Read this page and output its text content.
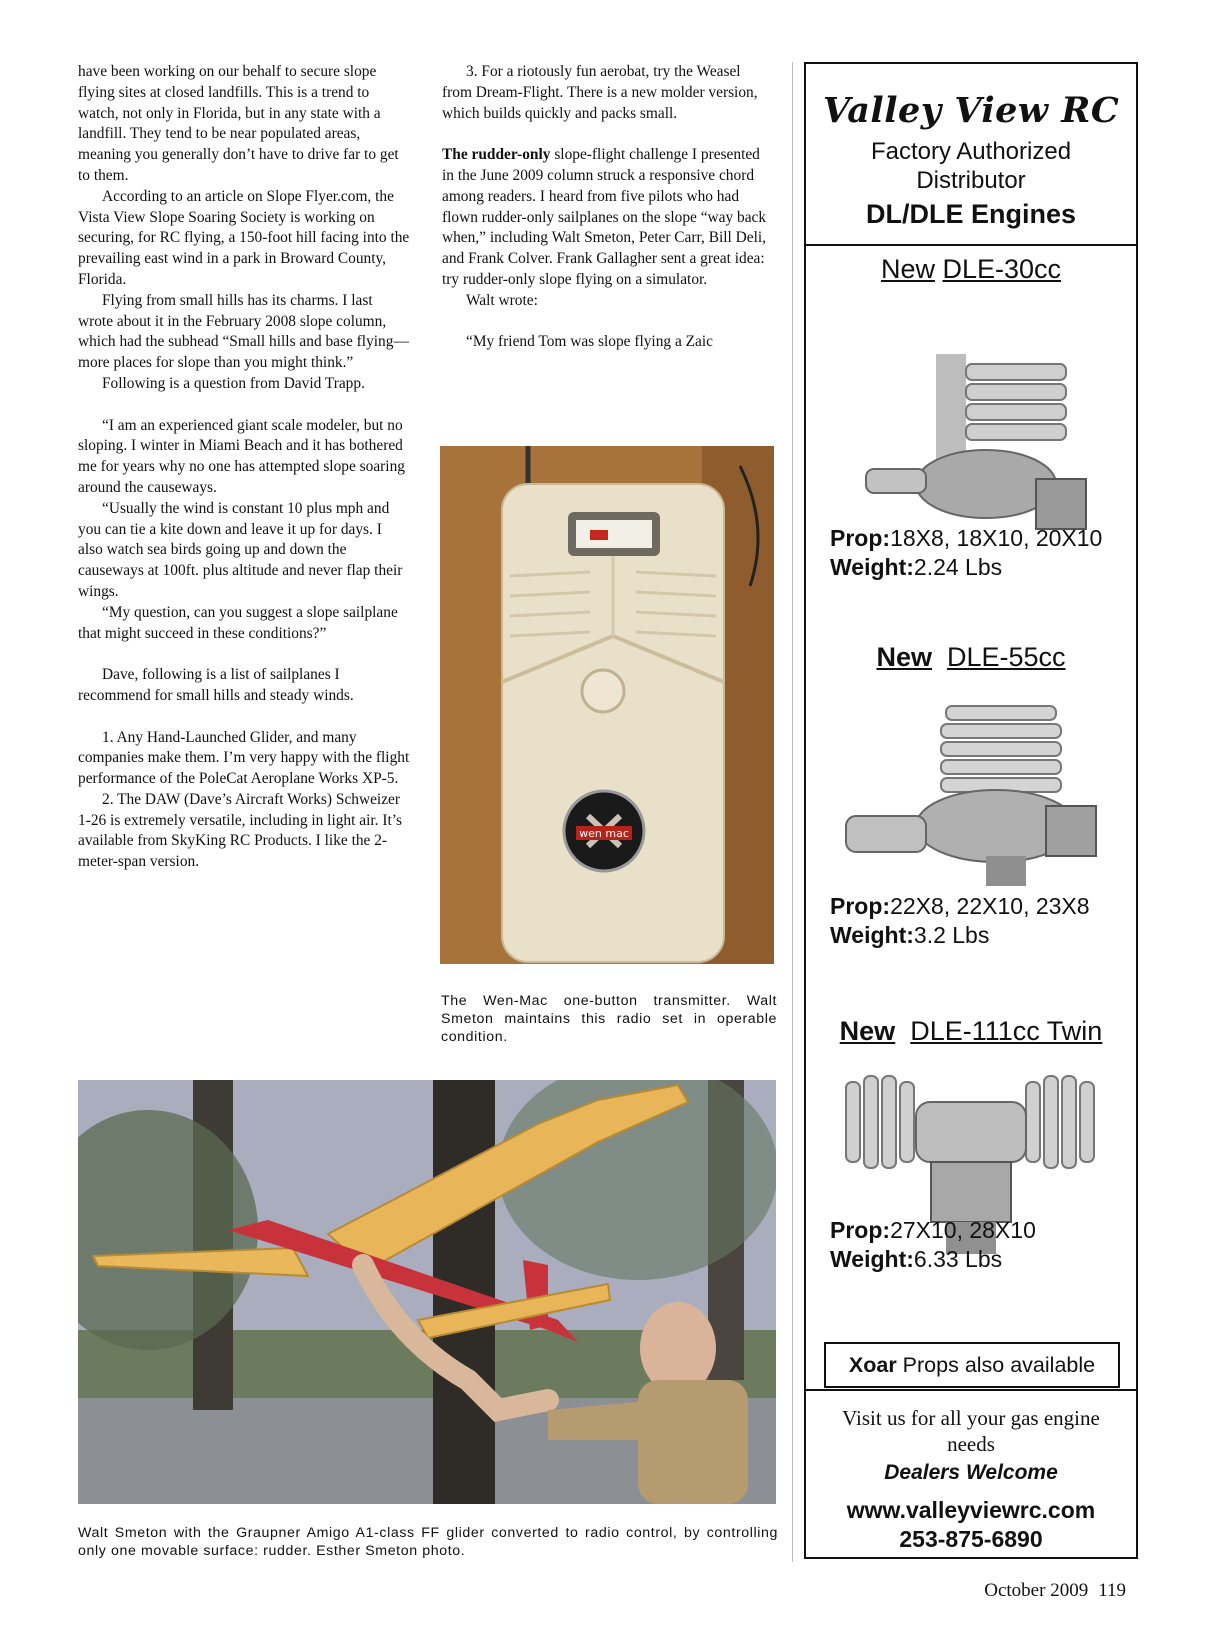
have been working on our behalf to secure slope flying sites at closed landfills. This is a trend to watch, not only in Florida, but in any state with a landfill. They tend to be near populated areas, meaning you generally don’t have to drive far to get to them.

According to an article on Slope Flyer.com, the Vista View Slope Soaring Society is working on securing, for RC flying, a 150-foot hill facing into the prevailing east wind in a park in Broward County, Florida.

Flying from small hills has its charms. I last wrote about it in the February 2008 slope column, which had the subhead “Small hills and base flying—more places for slope than you might think.”

Following is a question from David Trapp.

“I am an experienced giant scale modeler, but no sloping. I winter in Miami Beach and it has bothered me for years why no one has attempted slope soaring around the causeways.

“Usually the wind is constant 10 plus mph and you can tie a kite down and leave it up for days. I also watch sea birds going up and down the causeways at 100ft. plus altitude and never flap their wings.

“My question, can you suggest a slope sailplane that might succeed in these conditions?”

Dave, following is a list of sailplanes I recommend for small hills and steady winds.

1. Any Hand-Launched Glider, and many companies make them. I’m very happy with the flight performance of the PoleCat Aeroplane Works XP-5.

2. The DAW (Dave’s Aircraft Works) Schweizer 1-26 is extremely versatile, including in light air. It’s available from SkyKing RC Products. I like the 2-meter-span version.

3. For a riotously fun aerobat, try the Weasel from Dream-Flight. There is a new molder version, which builds quickly and packs small.

The rudder-only slope-flight challenge I presented in the June 2009 column struck a responsive chord among readers. I heard from five pilots who had flown rudder-only sailplanes on the slope “way back when,” including Walt Smeton, Peter Carr, Bill Deli, and Frank Colver. Frank Gallagher sent a great idea: try rudder-only slope flying on a simulator.

Walt wrote:

“My friend Tom was slope flying a Zaic

wen mac
The Wen-Mac one-button transmitter. Walt Smeton maintains this radio set in operable condition.
Walt Smeton with the Graupner Amigo A1-class FF glider converted to radio control, by controlling only one movable surface: rudder. Esther Smeton photo.
Valley View RC
Factory Authorized
Distributor
DL/DLE Engines
New DLE-30cc
Prop:18X8, 18X10, 20X10
Weight:2.24 Lbs
New DLE-55cc
Prop:22X8, 22X10, 23X8
Weight:3.2 Lbs
New DLE-111cc Twin
Prop:27X10, 28X10
Weight:6.33 Lbs
Xoar Props also available
Visit us for all your gas engine needs
Dealers Welcome
www.valleyviewrc.com
253-875-6890
October 2009 119
